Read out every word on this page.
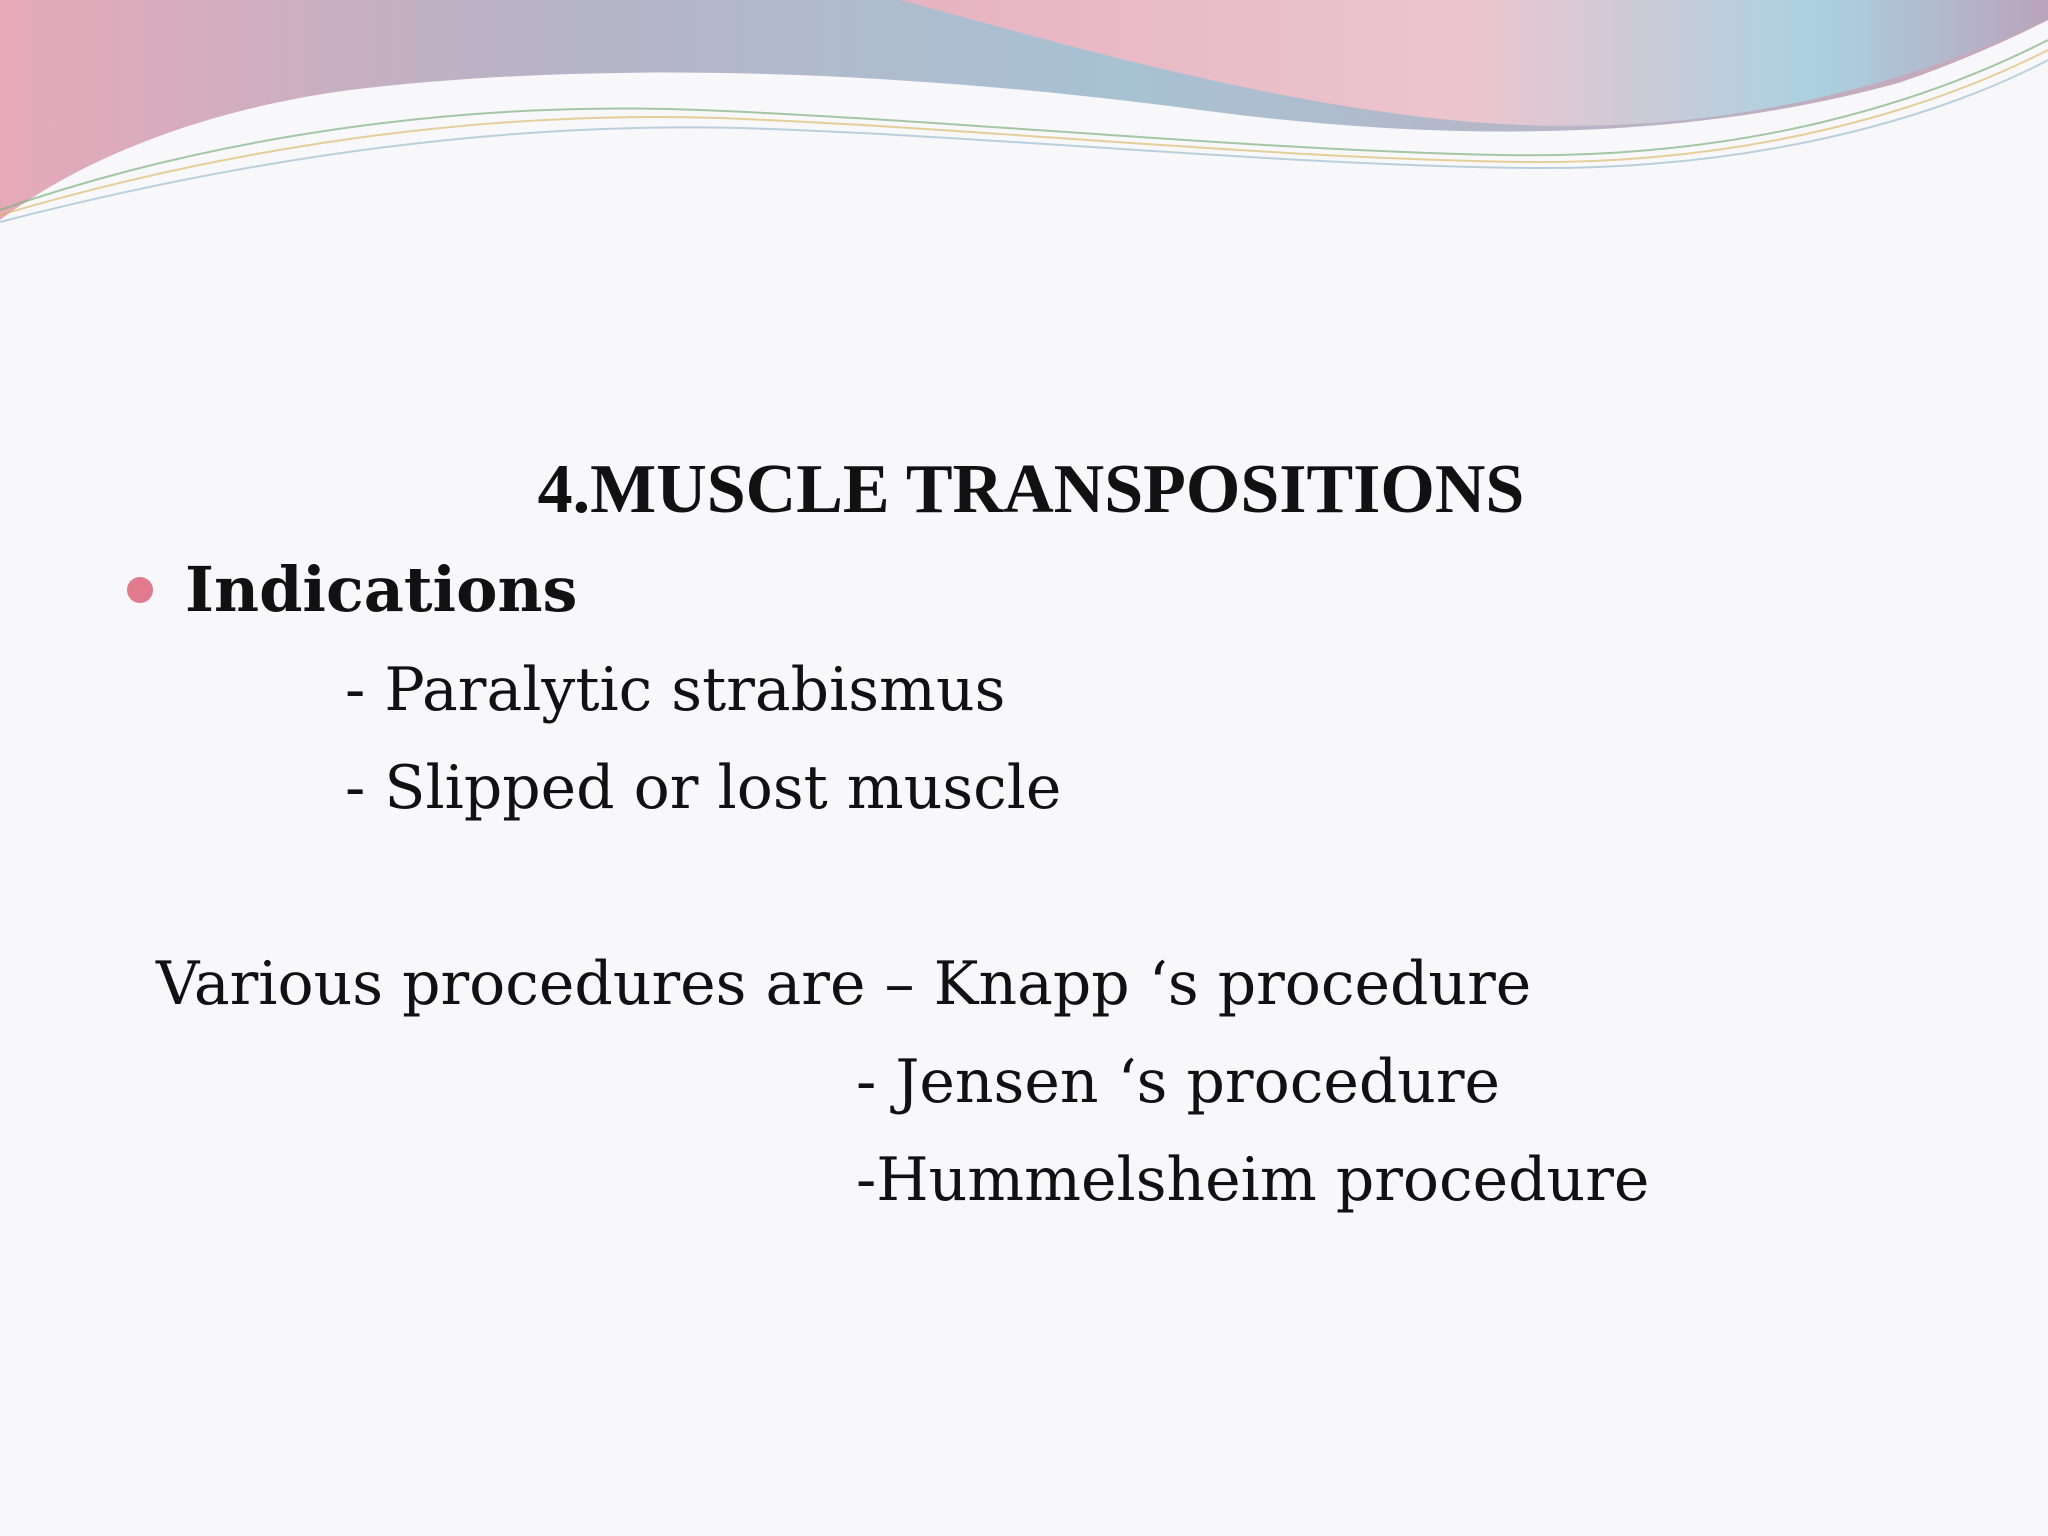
4.MUSCLE TRANSPOSITIONS
Indications
- Paralytic strabismus
- Slipped or lost muscle
Various procedures are – Knapp ‘s procedure
- Jensen ‘s procedure
-Hummelsheim procedure
